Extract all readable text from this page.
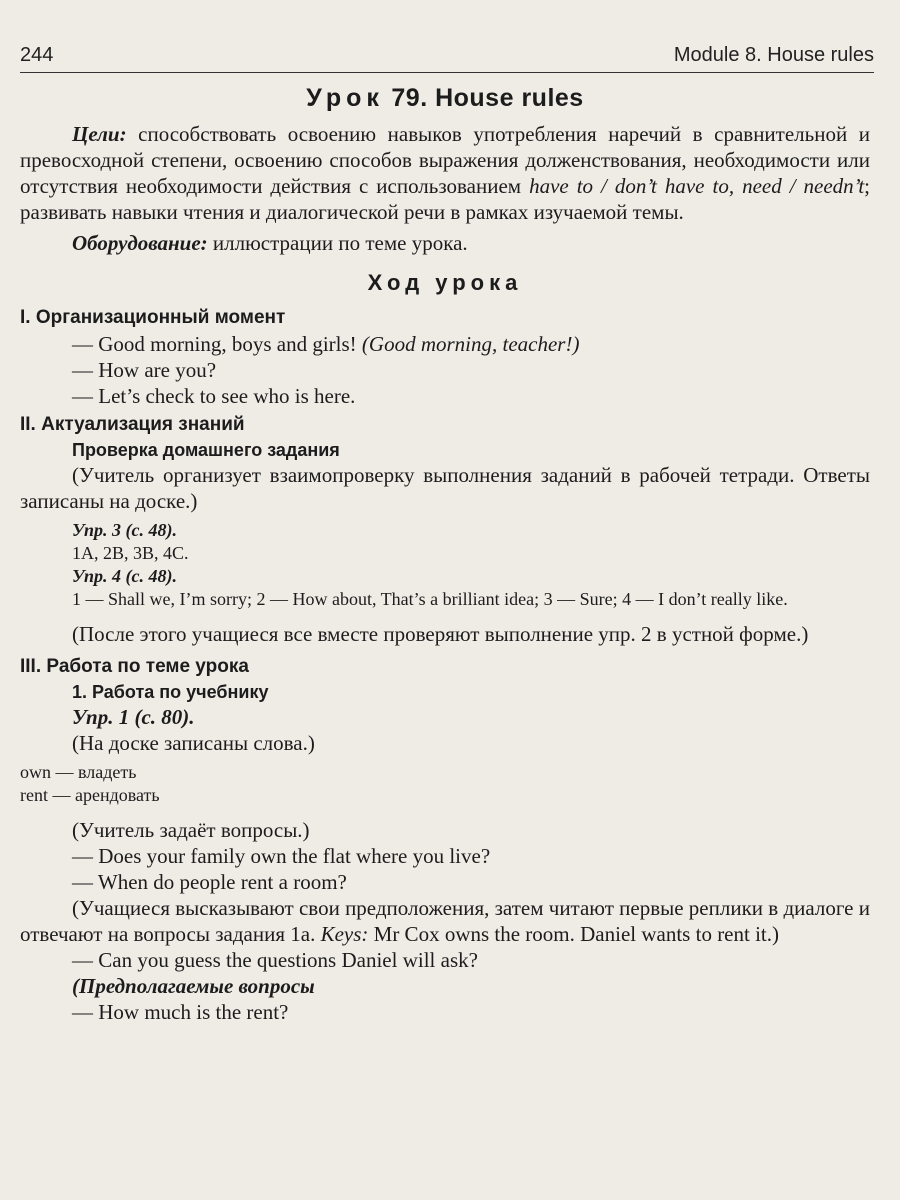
244	Module 8. House rules
Урок 79. House rules

Цели: способствовать освоению навыков употребления наречий в сравнительной и превосходной степени, освоению способов выражения долженствования, необходимости или отсутствия необходимости действия с использованием have to / don’t have to, need / needn’t; развивать навыки чтения и диалогической речи в рамках изучаемой темы.

Оборудование: иллюстрации по теме урока.

Ход урока
I. Организационный момент

— Good morning, boys and girls! (Good morning, teacher!)

— How are you?

— Let’s check to see who is here.

II. Актуализация знаний
Проверка домашнего задания

(Учитель организует взаимопроверку выполнения заданий в рабочей тетради. Ответы записаны на доске.)

Упр. 3 (с. 48).

1A, 2B, 3B, 4C.

Упр. 4 (с. 48).

1 — Shall we, I’m sorry; 2 — How about, That’s a brilliant idea; 3 — Sure; 4 — I don’t really like.

(После этого учащиеся все вместе проверяют выполнение упр. 2 в устной форме.)

III. Работа по теме урока
1. Работа по учебнику

Упр. 1 (с. 80).

(На доске записаны слова.)

own — владеть

rent — арендовать

(Учитель задаёт вопросы.)

— Does your family own the flat where you live?

— When do people rent a room?

(Учащиеся высказывают свои предположения, затем читают первые реплики в диалоге и отвечают на вопросы задания 1a. Keys: Mr Cox owns the room. Daniel wants to rent it.)

— Can you guess the questions Daniel will ask?

(Предполагаемые вопросы

— How much is the rent?
